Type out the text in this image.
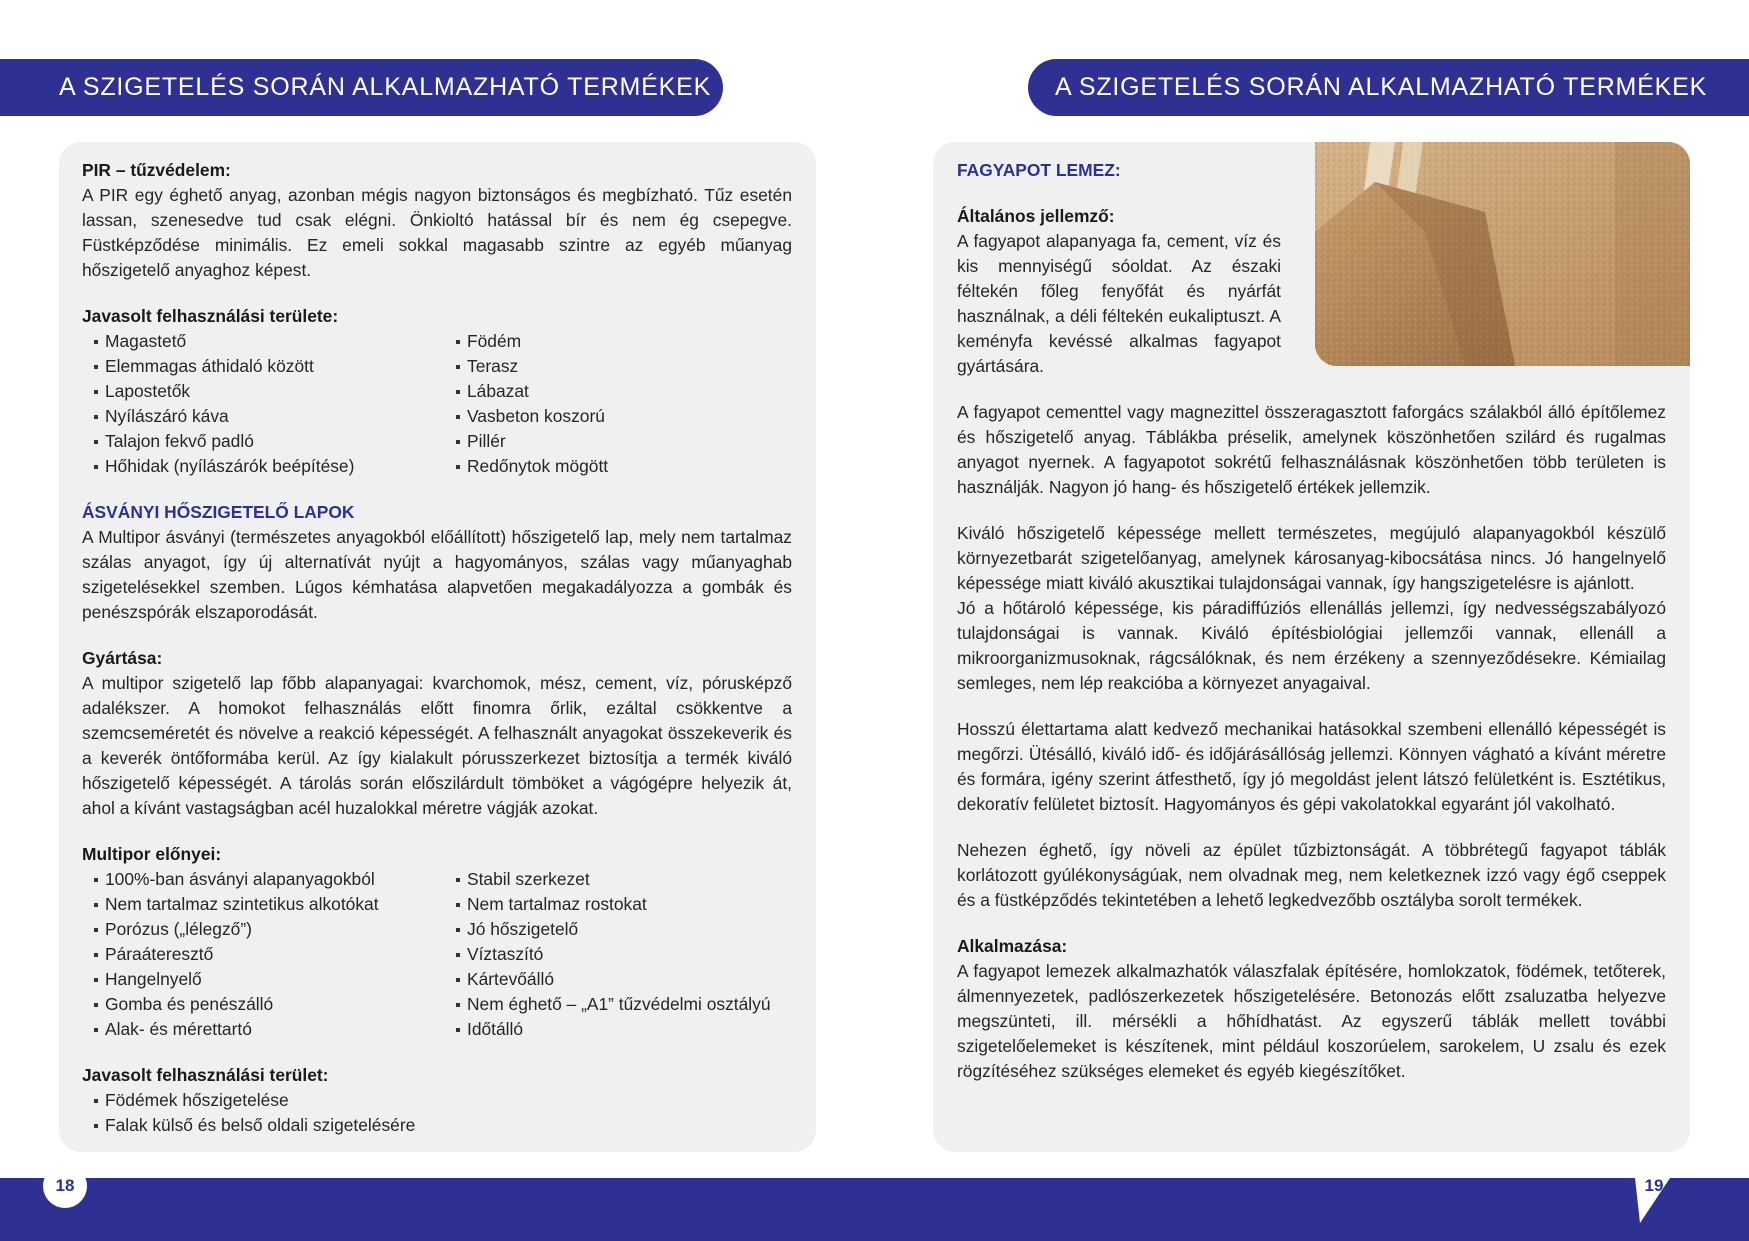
A SZIGETELÉS SORÁN ALKALMAZHATÓ TERMÉKEK	A SZIGETELÉS SORÁN ALKALMAZHATÓ TERMÉKEK
PIR – tűzvédelem:

A PIR egy éghető anyag, azonban mégis nagyon biztonságos és megbízható. Tűz esetén lassan, szenesedve tud csak elégni. Önkioltó hatással bír és nem ég csepegve. Füstképződése minimális. Ez emeli sokkal magasabb szintre az egyéb műanyag hőszigetelő anyaghoz képest.

Javasolt felhasználási területe:
Magastető	Födém
Elemmagas áthidaló között	Terasz
Lapostetők	Lábazat
Nyílászáró káva	Vasbeton koszorú
Talajon fekvő padló	Pillér
Hőhidak (nyílászárók beépítése)	Redőnytok mögött
ÁSVÁNYI HŐSZIGETELŐ LAPOK

A Multipor ásványi (természetes anyagokból előállított) hőszigetelő lap, mely nem tartalmaz szálas anyagot, így új alternatívát nyújt a hagyományos, szálas vagy műanyaghab szigetelésekkel szemben. Lúgos kémhatása alapvetően megakadályozza a gombák és penészspórák elszaporodását.

Gyártása:

A multipor szigetelő lap főbb alapanyagai: kvarchomok, mész, cement, víz, pórusképző adalékszer. A homokot felhasználás előtt finomra őrlik, ezáltal csökkentve a szemcseméretét és növelve a reakció képességét. A felhasznált anyagokat összekeverik és a keverék öntőformába kerül. Az így kialakult pórusszerkezet biztosítja a termék kiváló hőszigetelő képességét. A tárolás során előszilárdult tömböket a vágógépre helyezik át, ahol a kívánt vastagságban acél huzalokkal méretre vágják azokat.

Multipor előnyei:
100%-ban ásványi alapanyagokból	Stabil szerkezet
Nem tartalmaz szintetikus alkotókat	Nem tartalmaz rostokat
Porózus („lélegző”)	Jó hőszigetelő
Páraáteresztő	Víztaszító
Hangelnyelő	Kártevőálló
Gomba és penészálló	Nem éghető – „A1” tűzvédelmi osztályú
Alak- és mérettartó	Időtálló
Javasolt felhasználási terület:
Födémek hőszigetelése
Falak külső és belső oldali szigetelésére
FAGYAPOT LEMEZ:
Általános jellemző:

A fagyapot alapanyaga fa, cement, víz és kis mennyiségű sóoldat. Az északi féltekén főleg fenyőfát és nyárfát használnak, a déli féltekén eukaliptuszt. A keményfa kevéssé alkalmas fagyapot gyártására.

A fagyapot cementtel vagy magnezittel összeragasztott faforgács szálakból álló építőlemez és hőszigetelő anyag. Táblákba préselik, amelynek köszönhetően szilárd és rugalmas anyagot nyernek. A fagyapotot sokrétű felhasználásnak köszönhetően több területen is használják. Nagyon jó hang- és hőszigetelő értékek jellemzik.

Kiváló hőszigetelő képessége mellett természetes, megújuló alapanyagokból készülő környezetbarát szigetelőanyag, amelynek károsanyag-kibocsátása nincs. Jó hangelnyelő képessége miatt kiváló akusztikai tulajdonságai vannak, így hangszigetelésre is ajánlott.

Jó a hőtároló képessége, kis páradiffúziós ellenállás jellemzi, így nedvességszabályozó tulajdonságai is vannak. Kiváló építésbiológiai jellemzői vannak, ellenáll a mikroorganizmusoknak, rágcsálóknak, és nem érzékeny a szennyeződésekre. Kémiailag semleges, nem lép reakcióba a környezet anyagaival.

Hosszú élettartama alatt kedvező mechanikai hatásokkal szembeni ellenálló képességét is megőrzi. Ütésálló, kiváló idő- és időjárásállóság jellemzi. Könnyen vágható a kívánt méretre és formára, igény szerint átfesthető, így jó megoldást jelent látszó felületként is. Esztétikus, dekoratív felületet biztosít. Hagyományos és gépi vakolatokkal egyaránt jól vakolható.

Nehezen éghető, így növeli az épület tűzbiztonságát. A többrétegű fagyapot táblák korlátozott gyúlékonyságúak, nem olvadnak meg, nem keletkeznek izzó vagy égő cseppek és a füstképződés tekintetében a lehető legkedvezőbb osztályba sorolt termékek.

Alkalmazása:

A fagyapot lemezek alkalmazhatók válaszfalak építésére, homlokzatok, födémek, tetőterek, álmennyezetek, padlószerkezetek hőszigetelésére. Betonozás előtt zsaluzatba helyezve megszünteti, ill. mérsékli a hőhídhatást. Az egyszerű táblák mellett további szigetelőelemeket is készítenek, mint például koszorúelem, sarokelem, U zsalu és ezek rögzítéséhez szükséges elemeket és egyéb kiegészítőket.

18	19
